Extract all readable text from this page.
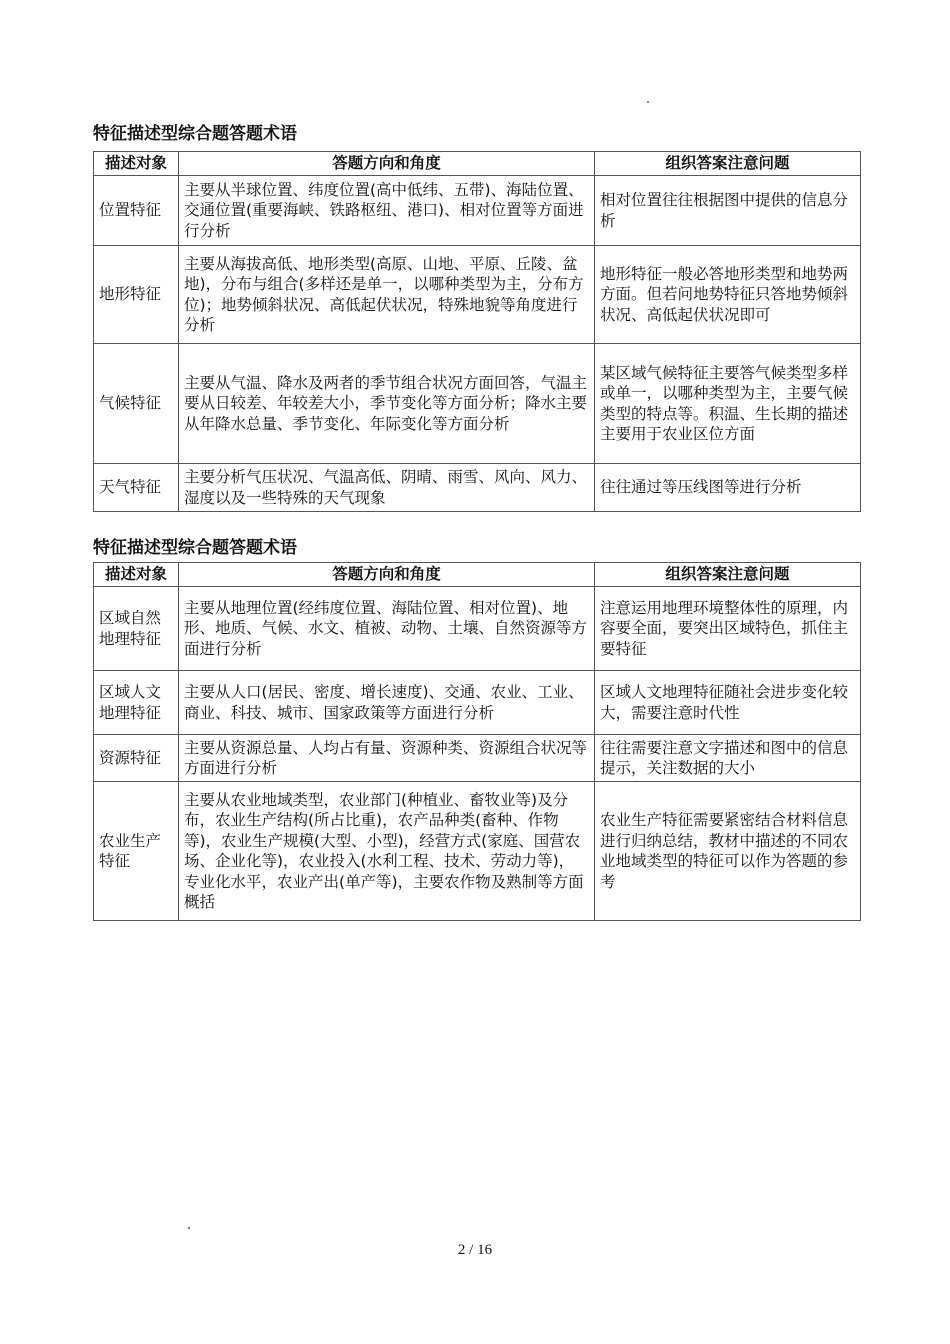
特征描述型综合题答题术语
描述对象	答题方向和角度	组织答案注意问题
位置特征	主要从半球位置、纬度位置(高中低纬、五带)、海陆位置、交通位置(重要海峡、铁路枢纽、港口)、相对位置等方面进行分析	相对位置往往根据图中提供的信息分析
地形特征	主要从海拔高低、地形类型(高原、山地、平原、丘陵、盆地)，分布与组合(多样还是单一，以哪种类型为主，分布方位)；地势倾斜状况、高低起伏状况，特殊地貌等角度进行分析	地形特征一般必答地形类型和地势两方面。但若问地势特征只答地势倾斜状况、高低起伏状况即可
气候特征	主要从气温、降水及两者的季节组合状况方面回答，气温主要从日较差、年较差大小，季节变化等方面分析；降水主要从年降水总量、季节变化、年际变化等方面分析	某区域气候特征主要答气候类型多样或单一，以哪种类型为主，主要气候类型的特点等。积温、生长期的描述主要用于农业区位方面
天气特征	主要分析气压状况、气温高低、阴晴、雨雪、风向、风力、湿度以及一些特殊的天气现象	往往通过等压线图等进行分析
特征描述型综合题答题术语
描述对象	答题方向和角度	组织答案注意问题
区域自然地理特征	主要从地理位置(经纬度位置、海陆位置、相对位置)、地形、地质、气候、水文、植被、动物、土壤、自然资源等方面进行分析	注意运用地理环境整体性的原理，内容要全面，要突出区域特色，抓住主要特征
区域人文地理特征	主要从人口(居民、密度、增长速度)、交通、农业、工业、商业、科技、城市、国家政策等方面进行分析	区域人文地理特征随社会进步变化较大，需要注意时代性
资源特征	主要从资源总量、人均占有量、资源种类、资源组合状况等方面进行分析	往往需要注意文字描述和图中的信息提示，关注数据的大小
农业生产特征	主要从农业地域类型，农业部门(种植业、畜牧业等)及分布，农业生产结构(所占比重)，农产品种类(畜种、作物等)，农业生产规模(大型、小型)，经营方式(家庭、国营农场、企业化等)，农业投入(水利工程、技术、劳动力等)，专业化水平，农业产出(单产等)，主要农作物及熟制等方面概括	农业生产特征需要紧密结合材料信息进行归纳总结，教材中描述的不同农业地域类型的特征可以作为答题的参考
2 / 16
